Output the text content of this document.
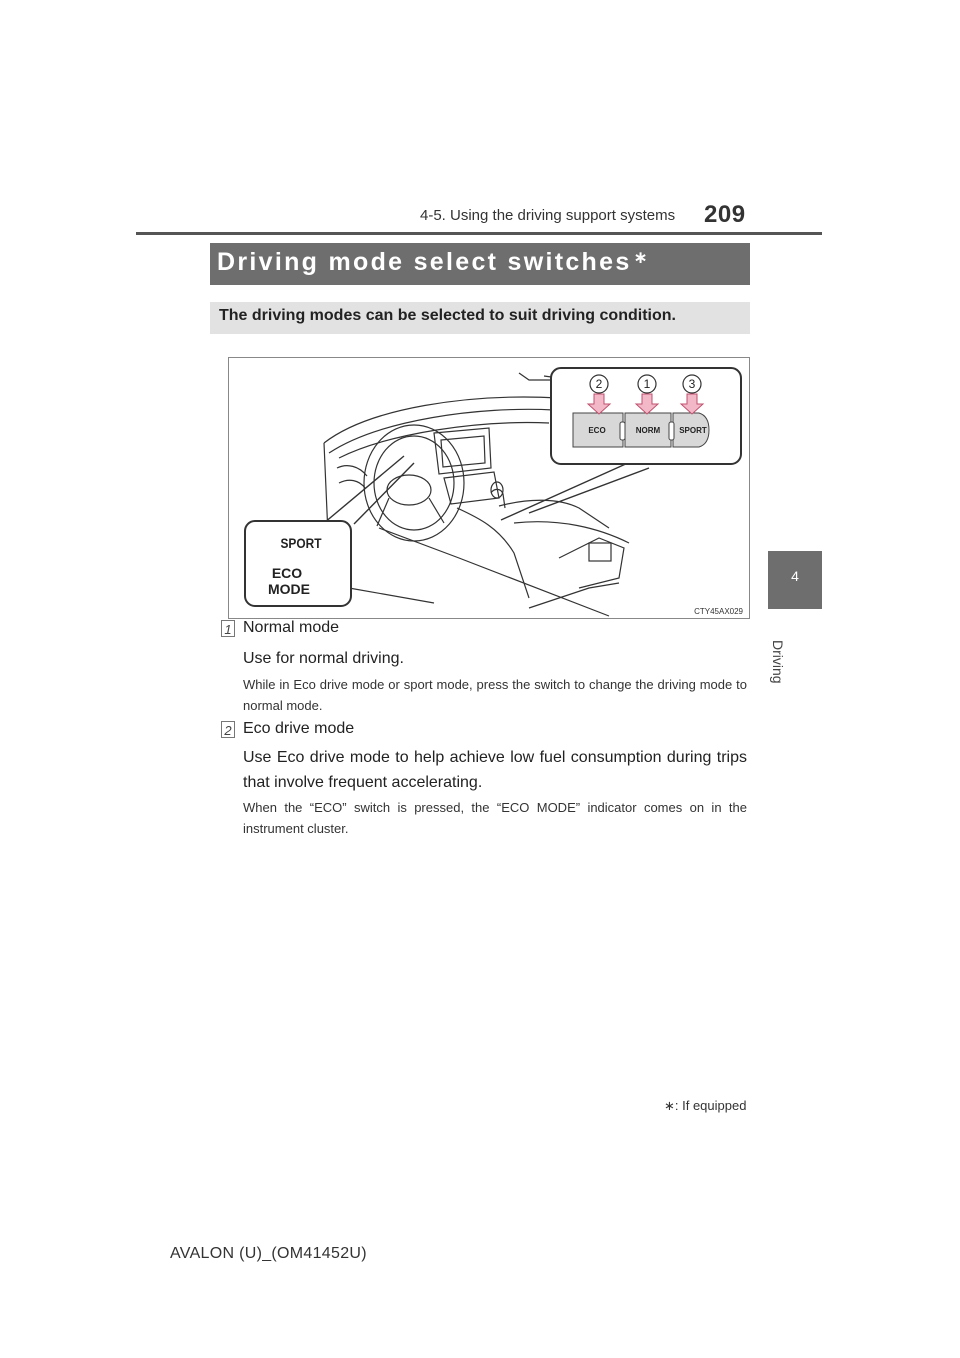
4-5. Using the driving support systems 209
4
Driving
Driving mode select switches ∗
The driving modes can be selected to suit driving condition.
2	1	3
ECO	NORM SPORT
SPORT
ECO
MODE
CTY45AX029
1 Normal mode
Use for normal driving.
While in Eco drive mode or sport mode, press the switch to change the driving mode to normal mode.
2 Eco drive mode
Use Eco drive mode to help achieve low fuel consumption during trips that involve frequent accelerating.
When the “ECO” switch is pressed, the “ECO MODE” indicator comes on in the instrument cluster.
∗: If equipped
AVALON (U)_(OM41452U)
